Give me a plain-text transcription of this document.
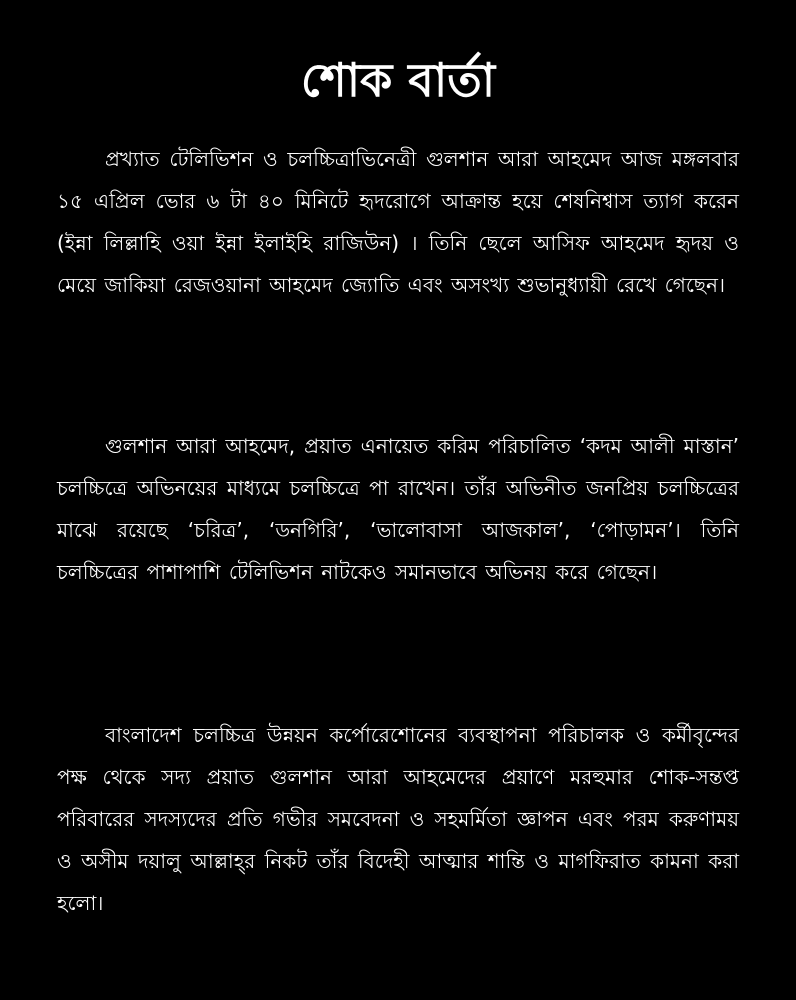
শোক বার্তা

প্রখ্যাত টেলিভিশন ও চলচ্চিত্রাভিনেত্রী গুলশান আরা আহমেদ আজ মঙ্গলবার ১৫ এপ্রিল ভোর ৬ টা ৪০ মিনিটে হৃদরোগে আক্রান্ত হয়ে শেষনিশ্বাস ত্যাগ করেন (ইন্না লিল্লাহি ওয়া ইন্না ইলাইহি রাজিউন) । তিনি ছেলে আসিফ আহমেদ হৃদয় ও মেয়ে জাকিয়া রেজওয়ানা আহমেদ জ্যোতি এবং অসংখ্য শুভানুধ্যায়ী রেখে গেছেন।

গুলশান আরা আহমেদ, প্রয়াত এনায়েত করিম পরিচালিত ‘কদম আলী মাস্তান’ চলচ্চিত্রে অভিনয়ের মাধ্যমে চলচ্চিত্রে পা রাখেন। তাঁর অভিনীত জনপ্রিয় চলচ্চিত্রের মাঝে রয়েছে ‘চরিত্র’, ‘ডনগিরি’, ‘ভালোবাসা আজকাল’, ‘পোড়ামন’। তিনি চলচ্চিত্রের পাশাপাশি টেলিভিশন নাটকেও সমানভাবে অভিনয় করে গেছেন।

বাংলাদেশ চলচ্চিত্র উন্নয়ন কর্পোরেশোনের ব্যবস্থাপনা পরিচালক ও কর্মীবৃন্দের পক্ষ থেকে সদ্য প্রয়াত গুলশান আরা আহমেদের প্রয়াণে মরহুমার শোক-সন্তপ্ত পরিবারের সদস্যদের প্রতি গভীর সমবেদনা ও সহমর্মিতা জ্ঞাপন এবং পরম করুণাময় ও অসীম দয়ালু আল্লাহ্‌র নিকট তাঁর বিদেহী আত্মার শান্তি ও মাগফিরাত কামনা করা হলো।
